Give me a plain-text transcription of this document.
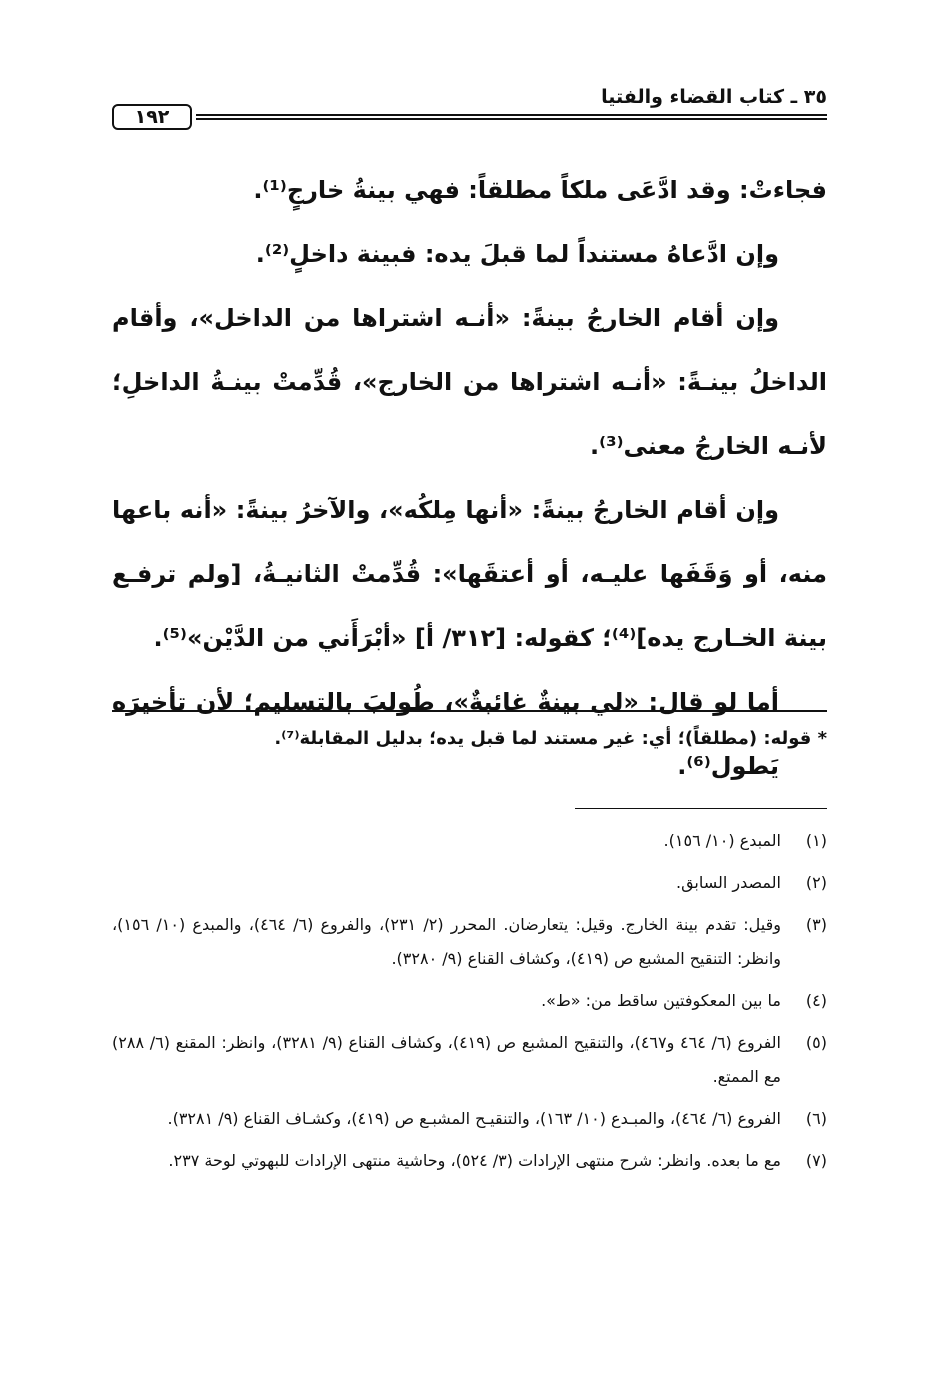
٣٥ ـ كتاب القضاء والفتيا
١٩٢

فجاءتْ: وقد ادَّعَى ملكاً مطلقاً: فهي بينةُ خارجٍ⁽¹⁾.

وإن ادَّعاهُ مستنداً لما قبلَ يده: فبينة داخلٍ⁽²⁾.

وإن أقام الخارجُ بينةً: «أنـه اشتراها من الداخل»، وأقام الداخلُ بينـةً: «أنـه اشتراها من الخارج»، قُدِّمتْ بينـةُ الداخلِ؛ لأنـه الخارجُ معنى⁽³⁾.

وإن أقام الخارجُ بينةً: «أنها مِلكُه»، والآخرُ بينةً: «أنه باعها منه، أو وَقَفَها عليـه، أو أعتقَها»: قُدِّمتْ الثانيـةُ، [ولم ترفـع بينة الخـارج يده]⁽⁴⁾؛ كقوله: [٣١٢/ أ] «أبْرَأَني من الدَّيْن»⁽⁵⁾.

أما لو قال: «لي بينةٌ غائبةٌ»، طُولبَ بالتسليم؛ لأن تأخيرَه يَطول⁽⁶⁾.

* قوله: (مطلقاً)؛ أي: غير مستند لما قبل يده؛ بدليل المقابلة⁽⁷⁾.
(١)
المبدع (١٠/ ١٥٦).
(٢)
المصدر السابق.
(٣)
وقيل: تقدم بينة الخارج. وقيل: يتعارضان. المحرر (٢/ ٢٣١)، والفروع (٦/ ٤٦٤)، والمبدع (١٠/ ١٥٦)، وانظر: التنقيح المشبع ص (٤١٩)، وكشاف القناع (٩/ ٣٢٨٠).
(٤)
ما بين المعكوفتين ساقط من: «ط».
(٥)
الفروع (٦/ ٤٦٤ و٤٦٧)، والتنقيح المشبع ص (٤١٩)، وكشاف القناع (٩/ ٣٢٨١)، وانظر: المقنع (٦/ ٢٨٨) مع الممتع.
(٦)
الفروع (٦/ ٤٦٤)، والمبـدع (١٠/ ١٦٣)، والتنقيـح المشبـع ص (٤١٩)، وكشـاف القناع (٩/ ٣٢٨١).
(٧)
مع ما بعده. وانظر: شرح منتهى الإرادات (٣/ ٥٢٤)، وحاشية منتهى الإرادات للبهوتي لوحة ٢٣٧.
